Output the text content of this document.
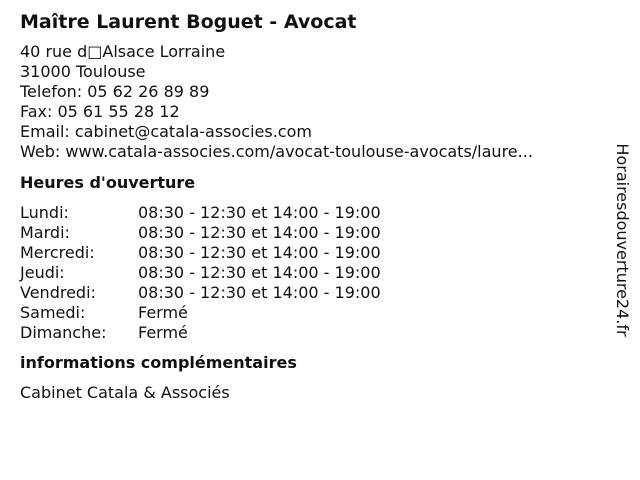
Maître Laurent Boguet - Avocat
40 rue d□Alsace Lorraine
31000 Toulouse
Telefon: 05 62 26 89 89
Fax: 05 61 55 28 12
Email: cabinet@catala-associes.com
Web: www.catala-associes.com/avocat-toulouse-avocats/laure...
Heures d'ouverture
Lundi:	08:30 - 12:30 et 14:00 - 19:00
Mardi:	08:30 - 12:30 et 14:00 - 19:00
Mercredi:	08:30 - 12:30 et 14:00 - 19:00
Jeudi:	08:30 - 12:30 et 14:00 - 19:00
Vendredi:	08:30 - 12:30 et 14:00 - 19:00
Samedi:	Fermé
Dimanche: Fermé
informations complémentaires
Cabinet Catala & Associés
Horairesdouverture24.fr
